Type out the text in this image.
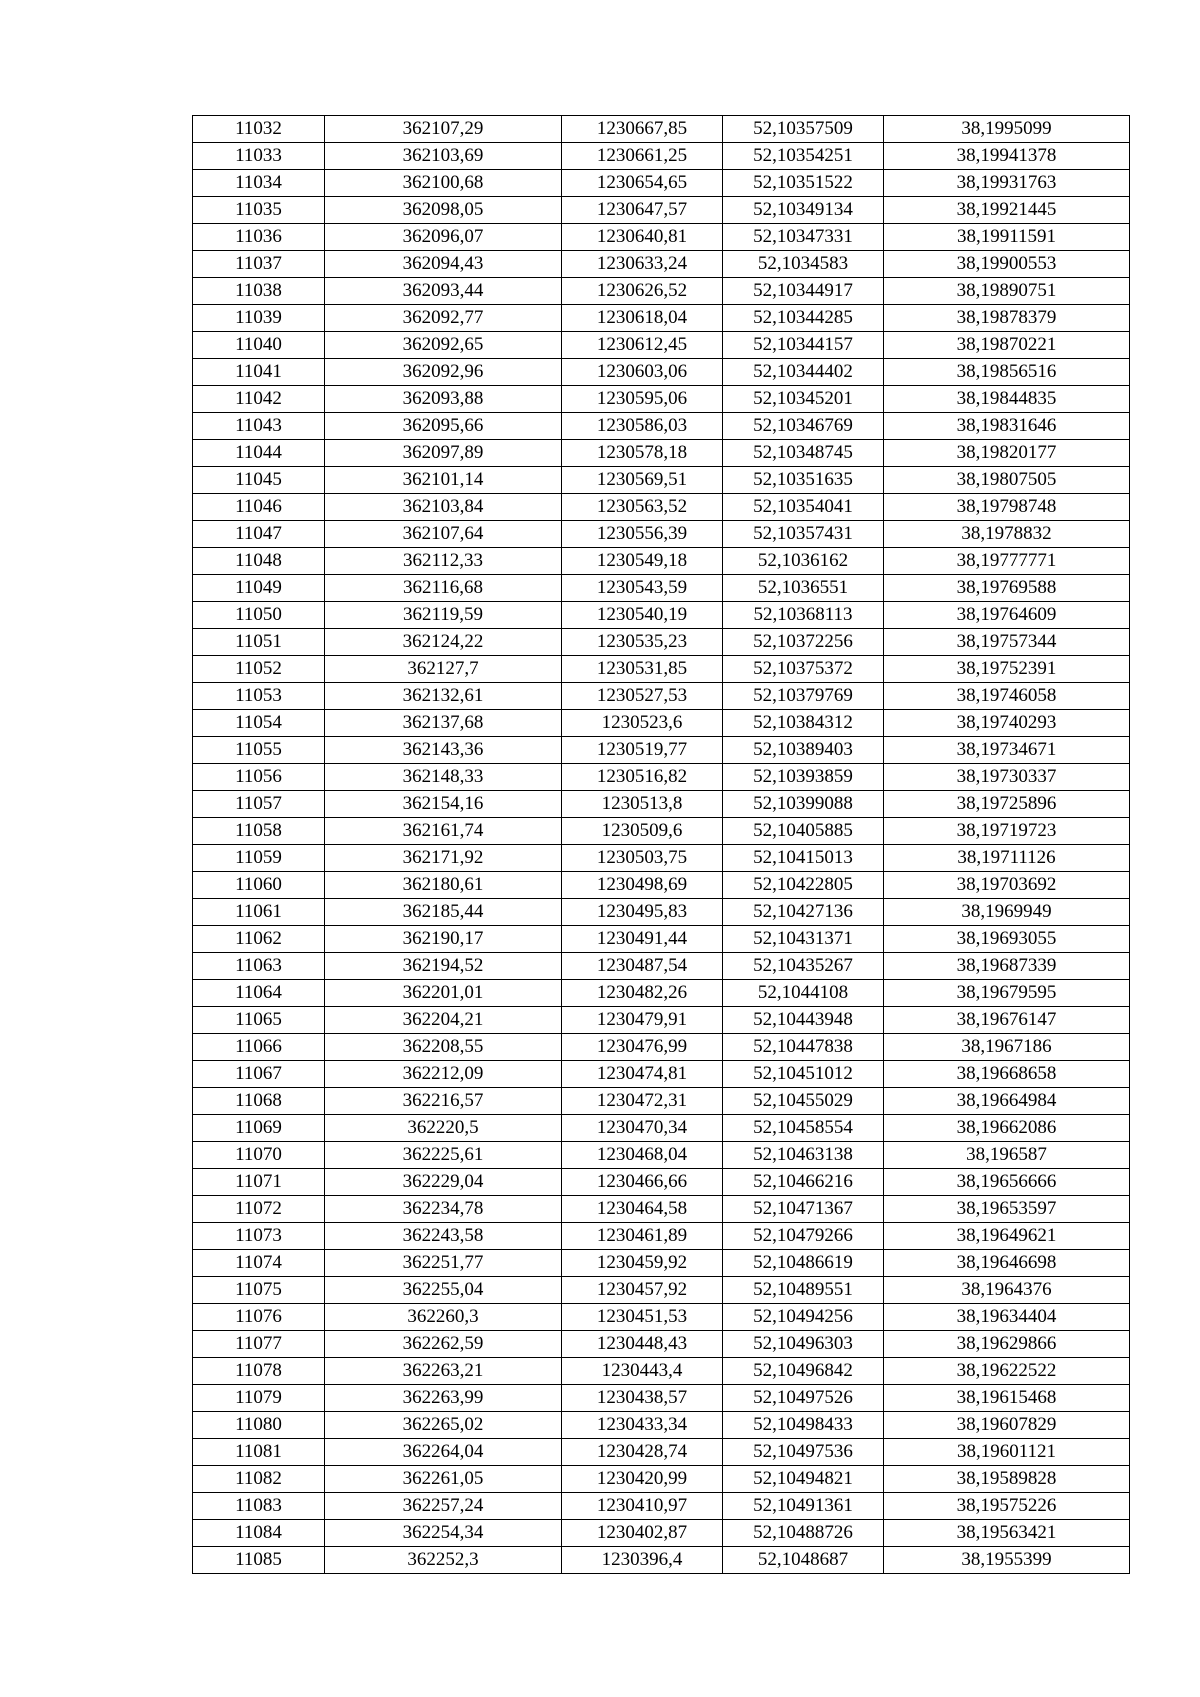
11032	362107,29	1230667,85	52,10357509	38,1995099
11033	362103,69	1230661,25	52,10354251	38,19941378
11034	362100,68	1230654,65	52,10351522	38,19931763
11035	362098,05	1230647,57	52,10349134	38,19921445
11036	362096,07	1230640,81	52,10347331	38,19911591
11037	362094,43	1230633,24	52,1034583	38,19900553
11038	362093,44	1230626,52	52,10344917	38,19890751
11039	362092,77	1230618,04	52,10344285	38,19878379
11040	362092,65	1230612,45	52,10344157	38,19870221
11041	362092,96	1230603,06	52,10344402	38,19856516
11042	362093,88	1230595,06	52,10345201	38,19844835
11043	362095,66	1230586,03	52,10346769	38,19831646
11044	362097,89	1230578,18	52,10348745	38,19820177
11045	362101,14	1230569,51	52,10351635	38,19807505
11046	362103,84	1230563,52	52,10354041	38,19798748
11047	362107,64	1230556,39	52,10357431	38,1978832
11048	362112,33	1230549,18	52,1036162	38,19777771
11049	362116,68	1230543,59	52,1036551	38,19769588
11050	362119,59	1230540,19	52,10368113	38,19764609
11051	362124,22	1230535,23	52,10372256	38,19757344
11052	362127,7	1230531,85	52,10375372	38,19752391
11053	362132,61	1230527,53	52,10379769	38,19746058
11054	362137,68	1230523,6	52,10384312	38,19740293
11055	362143,36	1230519,77	52,10389403	38,19734671
11056	362148,33	1230516,82	52,10393859	38,19730337
11057	362154,16	1230513,8	52,10399088	38,19725896
11058	362161,74	1230509,6	52,10405885	38,19719723
11059	362171,92	1230503,75	52,10415013	38,19711126
11060	362180,61	1230498,69	52,10422805	38,19703692
11061	362185,44	1230495,83	52,10427136	38,1969949
11062	362190,17	1230491,44	52,10431371	38,19693055
11063	362194,52	1230487,54	52,10435267	38,19687339
11064	362201,01	1230482,26	52,1044108	38,19679595
11065	362204,21	1230479,91	52,10443948	38,19676147
11066	362208,55	1230476,99	52,10447838	38,1967186
11067	362212,09	1230474,81	52,10451012	38,19668658
11068	362216,57	1230472,31	52,10455029	38,19664984
11069	362220,5	1230470,34	52,10458554	38,19662086
11070	362225,61	1230468,04	52,10463138	38,196587
11071	362229,04	1230466,66	52,10466216	38,19656666
11072	362234,78	1230464,58	52,10471367	38,19653597
11073	362243,58	1230461,89	52,10479266	38,19649621
11074	362251,77	1230459,92	52,10486619	38,19646698
11075	362255,04	1230457,92	52,10489551	38,1964376
11076	362260,3	1230451,53	52,10494256	38,19634404
11077	362262,59	1230448,43	52,10496303	38,19629866
11078	362263,21	1230443,4	52,10496842	38,19622522
11079	362263,99	1230438,57	52,10497526	38,19615468
11080	362265,02	1230433,34	52,10498433	38,19607829
11081	362264,04	1230428,74	52,10497536	38,19601121
11082	362261,05	1230420,99	52,10494821	38,19589828
11083	362257,24	1230410,97	52,10491361	38,19575226
11084	362254,34	1230402,87	52,10488726	38,19563421
11085	362252,3	1230396,4	52,1048687	38,1955399
